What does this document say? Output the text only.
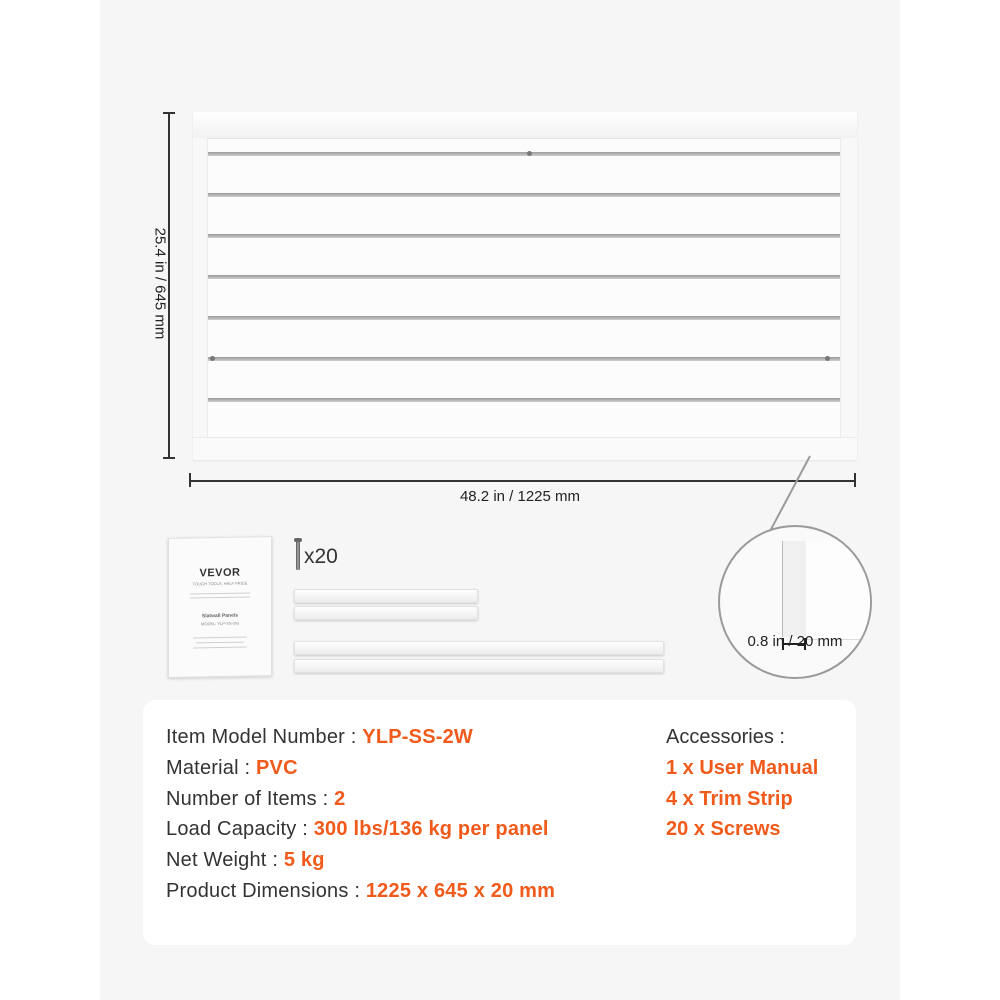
25.4 in / 645 mm
48.2 in / 1225 mm
VEVOR
TOUGH TOOLS, HALF PRICE
Slatwall Panels
MODEL: YLP-SS-2W
x20
0.8 in / 20 mm
Item Model Number : YLP-SS-2W
Material : PVC
Number of Items : 2
Load Capacity : 300 lbs/136 kg per panel
Net Weight : 5 kg
Product Dimensions : 1225 x 645 x 20 mm
Accessories :
1 x User Manual
4 x Trim Strip
20 x Screws
